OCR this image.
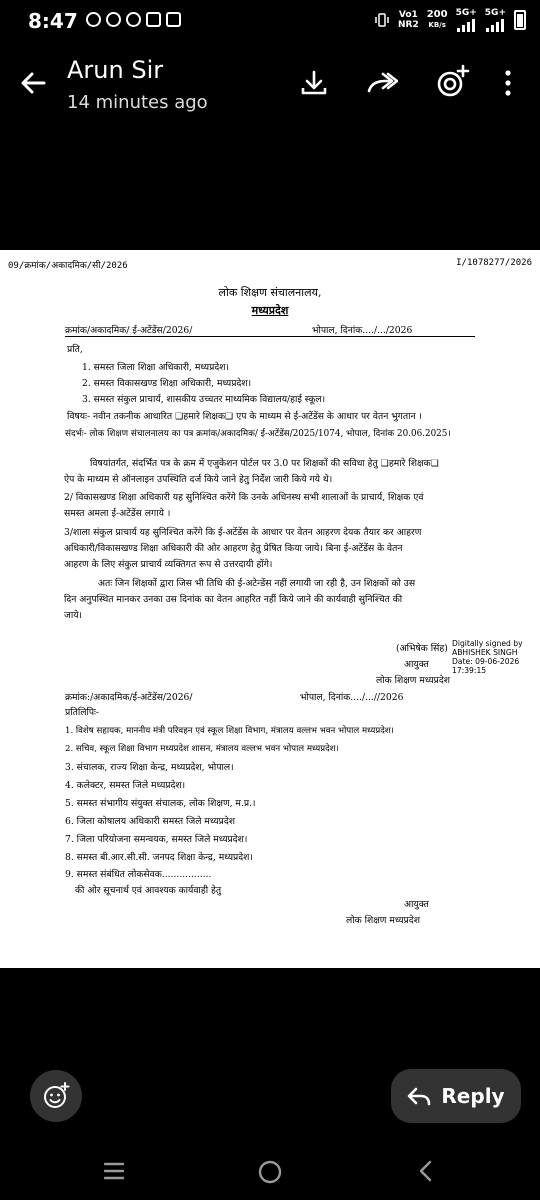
8:47	Vo1
NR2
200
KB/s
5G+ 5G+
Arun Sir
14 minutes ago
09/क्रमांक/अकादमिक/सी/2026	I/1078277/2026
लोक शिक्षण संचालनालय,
मध्यप्रदेश
क्रमांक/अकादमिक/ ई-अटेंडेंस/2026/	भोपाल, दिनांक..../.../2026
प्रति,
1. समस्त जिला शिक्षा अधिकारी, मध्यप्रदेश।
2. समस्त विकासखण्ड शिक्षा अधिकारी, मध्यप्रदेश।
3. समस्त संकुल प्राचार्य, शासकीय उच्चतर माध्यमिक विद्यालय/हाई स्कूल।
विषयः- नवीन तकनीक आधारित ❑हमारे शिक्षक❑ एप के माध्यम से ई-अटेंडेंस के आधार पर वेतन भुगतान ।
संदर्भः- लोक शिक्षण संचालनालय का पत्र क्रमांक/अकादमिक/ ई-अटेंडेंस/2025/1074, भोपाल, दिनांक 20.06.2025।
विषयांतर्गत, संदर्भित पत्र के क्रम में एजुकेशन पोर्टल पर 3.0 पर शिक्षकों की सविधा हेतु ❑हमारे शिक्षक❑
ऐप के माध्यम से ऑनलाइन उपस्थिति दर्ज किये जाने हेतु निर्देश जारी किये गये थे।
2/ विकासखण्ड शिक्षा अधिकारी यह सुनिश्चित करेंगे कि उनके अधिनस्थ सभी शालाओं के प्राचार्य, शिक्षक एवं
समस्त अमला ई-अटेंडेंस लगाये ।
3/शाला संकुल प्राचार्य यह सुनिश्चित करेंगे कि ई-अटेंडेंस के आधार पर वेतन आहरण देयक तैयार कर आहरण
अधिकारी/विकासखण्ड शिक्षा अधिकारी की ओर आहरण हेतु प्रेषित किया जाये। बिना ई-अटेंडेंस के वेतन
आहरण के लिए संकुल प्राचार्य व्यक्तिगत रूप से उत्तरदायी होंगे।
अतः जिन शिक्षकों द्वारा जिस भी तिथि की ई-अटेन्डेंस नहीं लगायी जा रही है, उन शिक्षकों को उस
दिन अनुपस्थित मानकर उनका उस दिनांक का वेतन आहरित नहीं किये जाने की कार्यवाही सुनिश्चित की
जाये।
(अभिषेक सिंह)
आयुक्त
लोक शिक्षण मध्यप्रदेश
Digitally signed by
ABHISHEK SINGH
Date: 09-06-2026
17:39:15
क्रमांक:/अकादमिक/ई-अटेंडेंस/2026/	भोपाल, दिनांक..../...//2026
प्रतिलिपिः-
1. विशेष सहायक, माननीय मंत्री परिवहन एवं स्कूल शिक्षा विभाग, मंत्रालय वल्लभ भवन भोपाल मध्यप्रदेश।
2. सचिव, स्कूल शिक्षा विभाग मध्यप्रदेश शासन, मंत्रालय वल्लभ भवन भोपाल मध्यप्रदेश।
3. संचालक, राज्य शिक्षा केन्द्र, मध्यप्रदेश, भोपाल।
4. कलेक्टर, समस्त जिले मध्यप्रदेश।
5. समस्त संभागीय संयुक्त संचालक, लोक शिक्षण, म.प्र.।
6. जिला कोषालय अधिकारी समस्त जिले मध्यप्रदेश
7. जिला परियोजना समन्वयक, समस्त जिले मध्यप्रदेश।
8. समस्त बी.आर.सी.सी. जनपद शिक्षा केन्द्र, मध्यप्रदेश।
9. समस्त संबंधित लोकसेवक.................
की ओर सूचनार्थ एवं आवश्यक कार्यवाही हेतु
आयुक्त
लोक शिक्षण मध्यप्रदेश
Reply
